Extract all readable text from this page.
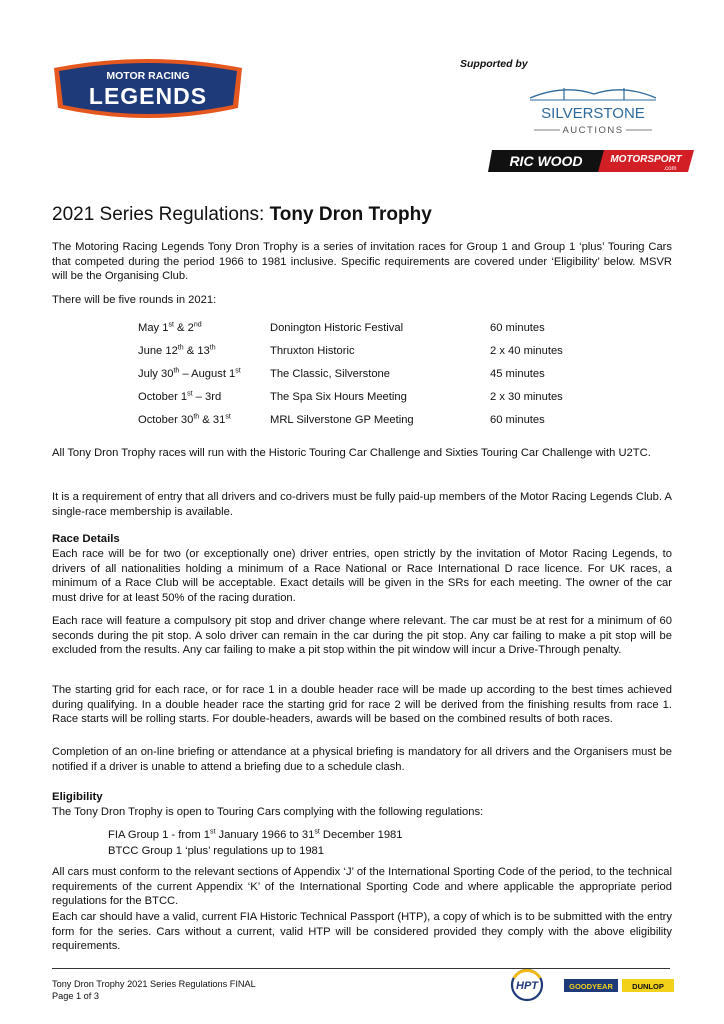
MOTOR RACING
LEGENDS
Supported by
SILVERSTONE
AUCTIONS
RIC WOOD	MOTORSPORT
.com
2021 Series Regulations: Tony Dron Trophy
The Motoring Racing Legends Tony Dron Trophy is a series of invitation races for Group 1 and Group 1 ‘plus’ Touring Cars that competed during the period 1966 to 1981 inclusive. Specific requirements are covered under ‘Eligibility’ below. MSVR will be the Organising Club.
There will be five rounds in 2021:
May 1st & 2nd	Donington Historic Festival	60 minutes
June 12th & 13th	Thruxton Historic	2 x 40 minutes
July 30th – August 1st	The Classic, Silverstone	45 minutes
October 1st – 3rd	The Spa Six Hours Meeting	2 x 30 minutes
October 30th & 31st	MRL Silverstone GP Meeting	60 minutes
All Tony Dron Trophy races will run with the Historic Touring Car Challenge and Sixties Touring Car Challenge with U2TC.
It is a requirement of entry that all drivers and co-drivers must be fully paid-up members of the Motor Racing Legends Club. A single-race membership is available.
Race Details
Each race will be for two (or exceptionally one) driver entries, open strictly by the invitation of Motor Racing Legends, to drivers of all nationalities holding a minimum of a Race National or Race International D race licence. For UK races, a minimum of a Race Club will be acceptable. Exact details will be given in the SRs for each meeting. The owner of the car must drive for at least 50% of the racing duration.
Each race will feature a compulsory pit stop and driver change where relevant. The car must be at rest for a minimum of 60 seconds during the pit stop. A solo driver can remain in the car during the pit stop. Any car failing to make a pit stop will be excluded from the results. Any car failing to make a pit stop within the pit window will incur a Drive-Through penalty.
The starting grid for each race, or for race 1 in a double header race will be made up according to the best times achieved during qualifying. In a double header race the starting grid for race 2 will be derived from the finishing results from race 1. Race starts will be rolling starts. For double-headers, awards will be based on the combined results of both races.
Completion of an on-line briefing or attendance at a physical briefing is mandatory for all drivers and the Organisers must be notified if a driver is unable to attend a briefing due to a schedule clash.
Eligibility
The Tony Dron Trophy is open to Touring Cars complying with the following regulations:
FIA Group 1 - from 1st January 1966 to 31st December 1981
BTCC Group 1 ‘plus’ regulations up to 1981
All cars must conform to the relevant sections of Appendix ‘J’ of the International Sporting Code of the period, to the technical requirements of the current Appendix ‘K’ of the International Sporting Code and where applicable the appropriate period regulations for the BTCC.
Each car should have a valid, current FIA Historic Technical Passport (HTP), a copy of which is to be submitted with the entry form for the series. Cars without a current, valid HTP will be considered provided they comply with the above eligibility requirements.
Tony Dron Trophy 2021 Series Regulations FINAL
Page 1 of 3
HPT	GOODYEAR	DUNLOP
